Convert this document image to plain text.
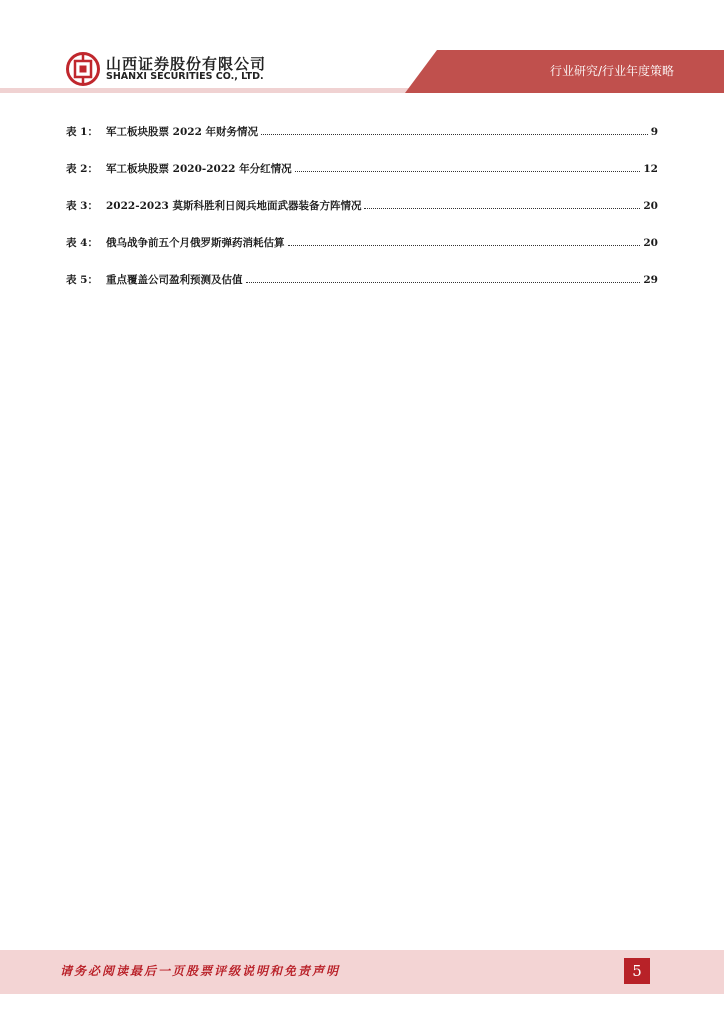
山西证券股份有限公司
SHANXI SECURITIES CO., LTD.	行业研究/行业年度策略
表 1： 军工板块股票 2022 年财务情况	9
表 2： 军工板块股票 2020-2022 年分红情况	12
表 3： 2022-2023 莫斯科胜利日阅兵地面武器装备方阵情况	20
表 4： 俄乌战争前五个月俄罗斯弹药消耗估算	20
表 5： 重点覆盖公司盈利预测及估值	29
请务必阅读最后一页股票评级说明和免责声明	5
